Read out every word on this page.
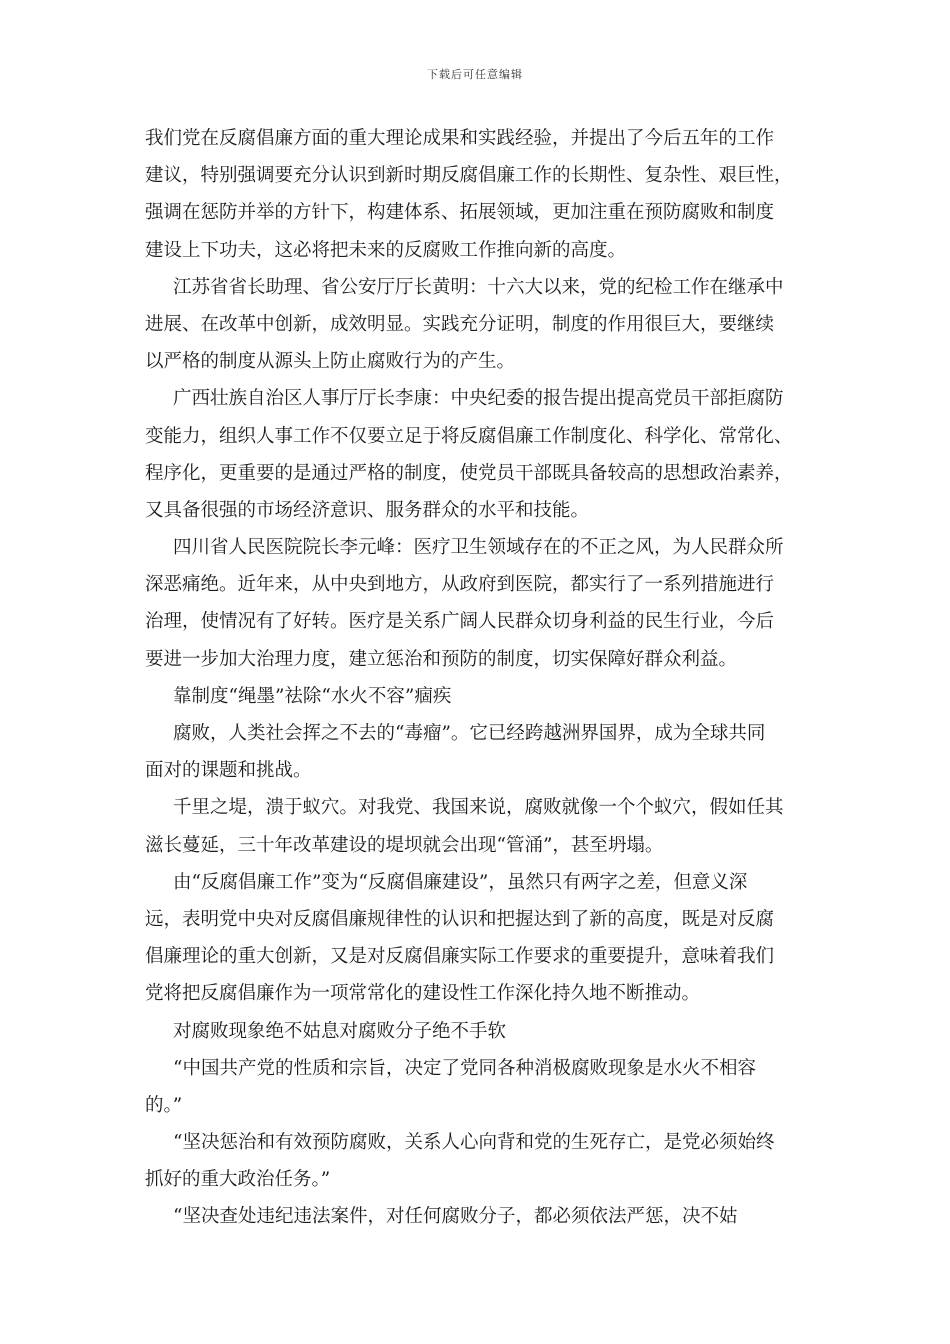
下载后可任意编辑
我们党在反腐倡廉方面的重大理论成果和实践经验，并提出了今后五年的工作
建议，特别强调要充分认识到新时期反腐倡廉工作的长期性、复杂性、艰巨性，
强调在惩防并举的方针下，构建体系、拓展领域，更加注重在预防腐败和制度
建设上下功夫，这必将把未来的反腐败工作推向新的高度。
江苏省省长助理、省公安厅厅长黄明：十六大以来，党的纪检工作在继承中
进展、在改革中创新，成效明显。实践充分证明，制度的作用很巨大，要继续
以严格的制度从源头上防止腐败行为的产生。
广西壮族自治区人事厅厅长李康：中央纪委的报告提出提高党员干部拒腐防
变能力，组织人事工作不仅要立足于将反腐倡廉工作制度化、科学化、常常化、
程序化，更重要的是通过严格的制度，使党员干部既具备较高的思想政治素养，
又具备很强的市场经济意识、服务群众的水平和技能。
四川省人民医院院长李元峰：医疗卫生领域存在的不正之风，为人民群众所
深恶痛绝。近年来，从中央到地方，从政府到医院，都实行了一系列措施进行
治理，使情况有了好转。医疗是关系广阔人民群众切身利益的民生行业，今后
要进一步加大治理力度，建立惩治和预防的制度，切实保障好群众利益。
靠制度“绳墨”祛除“水火不容”痼疾
腐败，人类社会挥之不去的“毒瘤”。它已经跨越洲界国界，成为全球共同
面对的课题和挑战。
千里之堤，溃于蚁穴。对我党、我国来说，腐败就像一个个蚁穴，假如任其
滋长蔓延，三十年改革建设的堤坝就会出现“管涌”，甚至坍塌。
由“反腐倡廉工作”变为“反腐倡廉建设”，虽然只有两字之差，但意义深
远，表明党中央对反腐倡廉规律性的认识和把握达到了新的高度，既是对反腐
倡廉理论的重大创新，又是对反腐倡廉实际工作要求的重要提升，意味着我们
党将把反腐倡廉作为一项常常化的建设性工作深化持久地不断推动。
对腐败现象绝不姑息对腐败分子绝不手软
“中国共产党的性质和宗旨，决定了党同各种消极腐败现象是水火不相容
的。”
“坚决惩治和有效预防腐败，关系人心向背和党的生死存亡，是党必须始终
抓好的重大政治任务。”
“坚决查处违纪违法案件，对任何腐败分子，都必须依法严惩，决不姑
